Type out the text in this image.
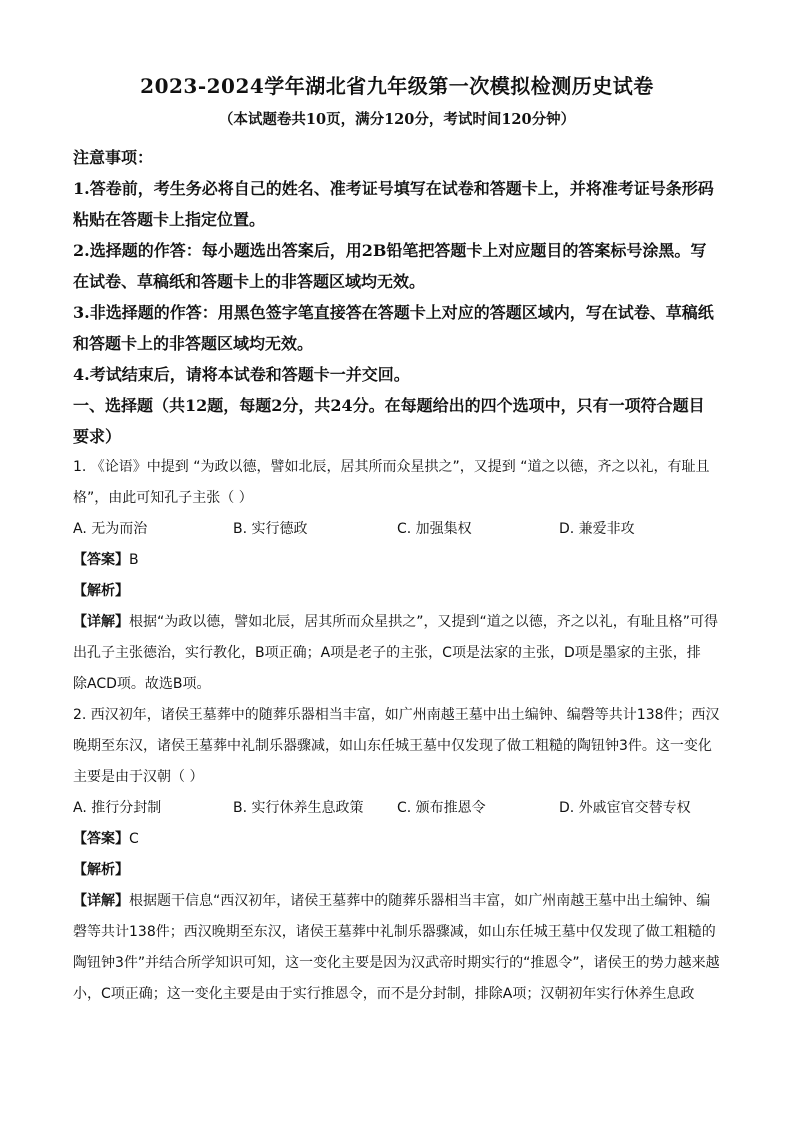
2023-2024学年湖北省九年级第一次模拟检测历史试卷
（本试题卷共10页，满分120分，考试时间120分钟）

注意事项：

1.答卷前，考生务必将自己的姓名、准考证号填写在试卷和答题卡上，并将准考证号条形码

粘贴在答题卡上指定位置。

2.选择题的作答：每小题选出答案后，用2B铅笔把答题卡上对应题目的答案标号涂黑。写

在试卷、草稿纸和答题卡上的非答题区域均无效。

3.非选择题的作答：用黑色签字笔直接答在答题卡上对应的答题区域内，写在试卷、草稿纸

和答题卡上的非答题区域均无效。

4.考试结束后，请将本试卷和答题卡一并交回。

一、选择题（共12题，每题2分，共24分。在每题给出的四个选项中，只有一项符合题目

要求）

1. 《论语》中提到 “为政以德，譬如北辰，居其所而众星拱之”，又提到 “道之以德，齐之以礼，有耻且

格”，由此可知孔子主张（ ）

A. 无为而治	B. 实行德政	C. 加强集权	D. 兼爱非攻

【答案】B

【解析】

【详解】根据“为政以德，譬如北辰，居其所而众星拱之”，又提到“道之以德，齐之以礼，有耻且格”可得

出孔子主张德治，实行教化，B项正确；A项是老子的主张，C项是法家的主张，D项是墨家的主张，排

除ACD项。故选B项。

2. 西汉初年，诸侯王墓葬中的随葬乐器相当丰富，如广州南越王墓中出土编钟、编磬等共计138件；西汉

晚期至东汉，诸侯王墓葬中礼制乐器骤减，如山东任城王墓中仅发现了做工粗糙的陶钮钟3件。这一变化

主要是由于汉朝（ ）

A. 推行分封制	B. 实行休养生息政策	C. 颁布推恩令	D. 外戚宦官交替专权

【答案】C

【解析】

【详解】根据题干信息“西汉初年，诸侯王墓葬中的随葬乐器相当丰富，如广州南越王墓中出土编钟、编

磬等共计138件；西汉晚期至东汉，诸侯王墓葬中礼制乐器骤减，如山东任城王墓中仅发现了做工粗糙的

陶钮钟3件”并结合所学知识可知，这一变化主要是因为汉武帝时期实行的“推恩令”，诸侯王的势力越来越

小，C项正确；这一变化主要是由于实行推恩令，而不是分封制，排除A项；汉朝初年实行休养生息政
